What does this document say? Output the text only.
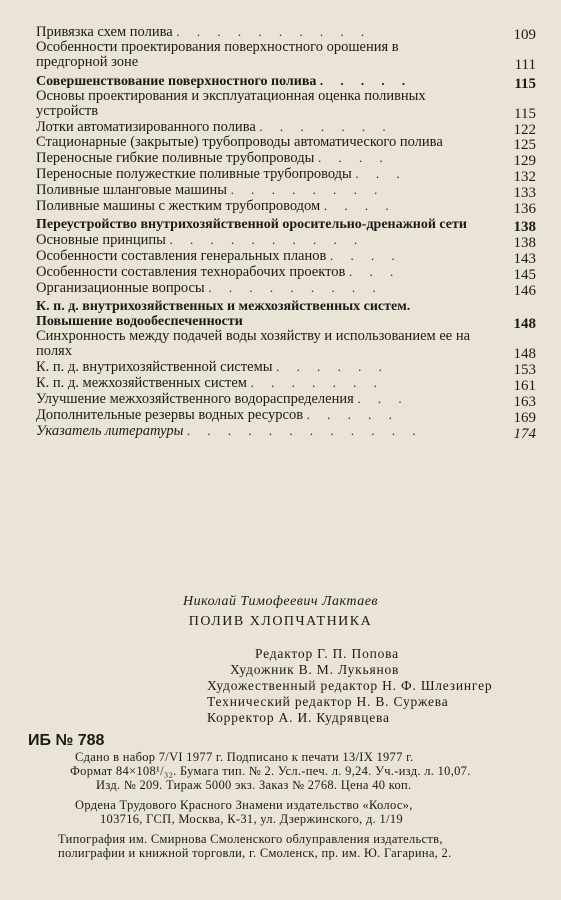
Привязка схем полива . . . . . . . . . .	109
Особенности проектирования поверхностного орошения в предгорной зоне	111
Совершенствование поверхностного полива . . . . .	115
Основы проектирования и эксплуатационная оценка поливных устройств	115
Лотки автоматизированного полива . . . . . . .	122
Стационарные (закрытые) трубопроводы автоматического полива	125
Переносные гибкие поливные трубопроводы . . . .	129
Переносные полужесткие поливные трубопроводы . . .	132
Поливные шланговые машины . . . . . . . .	133
Поливные машины с жестким трубопроводом . . . .	136
Переустройство внутрихозяйственной оросительно-дренажной сети	138
Основные принципы . . . . . . . . . .	138
Особенности составления генеральных планов . . . .	143
Особенности составления технорабочих проектов . . .	145
Организационные вопросы . . . . . . . . .	146
К. п. д. внутрихозяйственных и межхозяйственных систем. Повышение водообеспеченности	148
Синхронность между подачей воды хозяйству и использованием ее на полях	148
К. п. д. внутрихозяйственной системы . . . . . .	153
К. п. д. межхозяйственных систем . . . . . . .	161
Улучшение межхозяйственного водораспределения . . .	163
Дополнительные резервы водных ресурсов . . . . .	169
Указатель литературы . . . . . . . . . . . .	174
Николай Тимофеевич Лактаев
ПОЛИВ ХЛОПЧАТНИКА
Редактор Г. П. Попова
Художник В. М. Лукьянов
Художественный редактор Н. Ф. Шлезингер
Технический редактор Н. В. Суржева
Корректор А. И. Кудрявцева
ИБ № 788
Сдано в набор 7/VI 1977 г. Подписано к печати 13/IX 1977 г.
Формат 84×108¹/₃₂. Бумага тип. № 2. Усл.-печ. л. 9,24. Уч.-изд. л. 10,07.
Изд. № 209. Тираж 5000 экз. Заказ № 2768. Цена 40 коп.
Ордена Трудового Красного Знамени издательство «Колос»,
103716, ГСП, Москва, К-31, ул. Дзержинского, д. 1/19
Типография им. Смирнова Смоленского облуправления издательств,
полиграфии и книжной торговли, г. Смоленск, пр. им. Ю. Гагарина, 2.
